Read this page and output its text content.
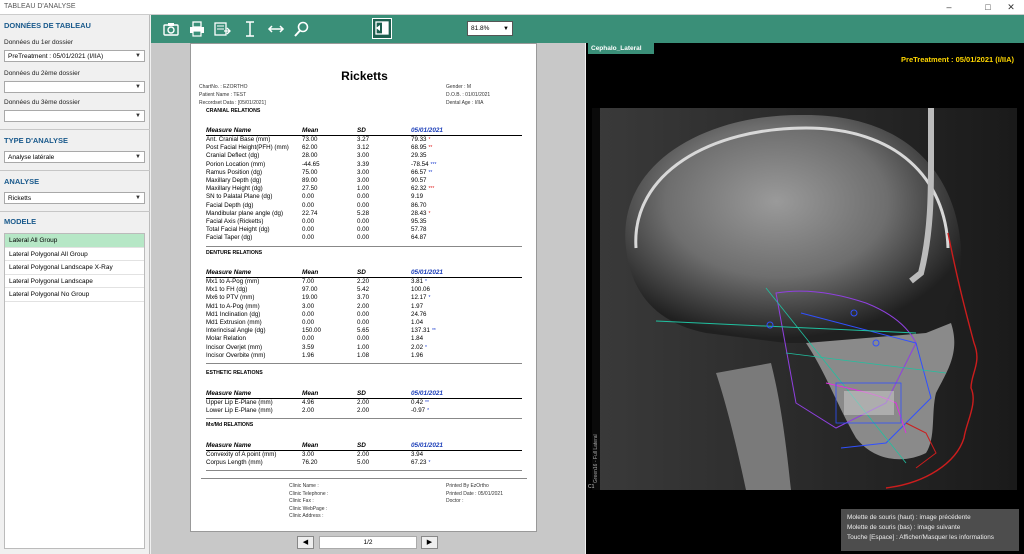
TABLEAU D'ANALYSE	–	□	✕
DONNÉES DE TABLEAU
Données du 1er dossier
PreTreatment : 05/01/2021 (I/IIA)	▼
Données du 2ème dossier
▼
Données du 3ème dossier
▼
TYPE D'ANALYSE
Analyse latérale	▼
ANALYSE
Ricketts	▼
MODELE
Lateral All Group
Lateral Polygonal All Group
Lateral Polygonal Landscape X-Ray
Lateral Polygonal Landscape
Lateral Polygonal No Group
81.8% ▼
Ricketts
ChartNo. : EZORTHO
Patient Name : TEST
Recordset Data : [05/01/2021]
Gender : M
D.O.B. : 01/01/2021
Dental Age : I/IIA
CRANIAL RELATIONS
Measure Name	Mean	SD	05/01/2021
Ant. Cranial Base (mm)	73.00	3.27	79.33 *
Post Facial Height(PFH) (mm) 62.00	3.12	68.95 **
Cranial Deflect (dg)	28.00	3.00	29.35
Porion Location (mm)	-44.65	3.39	-78.54 ***
Ramus Position (dg)	75.00	3.00	66.57 **
Maxillary Depth (dg)	89.00	3.00	90.57
Maxillary Height (dg)	27.50	1.00	62.32 ***
SN to Palatal Plane (dg)	0.00	0.00	9.19
Facial Depth (dg)	0.00	0.00	86.70
Mandibular plane angle (dg)	22.74	5.28	28.43 *
Facial Axis (Ricketts)	0.00	0.00	95.35
Total Facial Height (dg)	0.00	0.00	57.78
Facial Taper (dg)	0.00	0.00	64.87
DENTURE RELATIONS
Measure Name	Mean	SD	05/01/2021
Mx1 to A-Pog (mm)	7.00	2.20	3.81 *
Mx1 to FH (dg)	97.00	5.42	100.06
Mx6 to PTV (mm)	19.00	3.70	12.17 *
Md1 to A-Pog (mm)	3.00	2.00	1.97
Md1 Inclination (dg)	0.00	0.00	24.76
Md1 Extrusion (mm)	0.00	0.00	1.04
Interincisal Angle (dg)	150.00	5.65	137.31 **
Molar Relation	0.00	0.00	1.84
Incisor Overjet (mm)	3.59	1.00	2.02 *
Incisor Overbite (mm)	1.96	1.08	1.96
ESTHETIC RELATIONS
Measure Name	Mean	SD	05/01/2021
Upper Lip E-Plane (mm)	4.96	2.00	0.42 **
Lower Lip E-Plane (mm)	2.00	2.00	-0.97 *
Mx/Md RELATIONS
Measure Name	Mean	SD	05/01/2021
Convexity of A point (mm)	3.00	2.00	3.94
Corpus Length (mm)	76.20	5.00	67.23 *
Clinic Name :
Clinic Telephone :
Clinic Fax :
Clinic WebPage :
Clinic Address :
Printed By EzOrtho
Printed Date : 05/01/2021
Doctor :
◀	1/2	▶
Cephalo_Lateral
PreTreatment : 05/01/2021 (I/IIA)
Green16 - Full Lateral
C1
Molette de souris (haut) : image précédente
Molette de souris (bas) : image suivante
Touche [Espace] : Afficher/Masquer les informations
